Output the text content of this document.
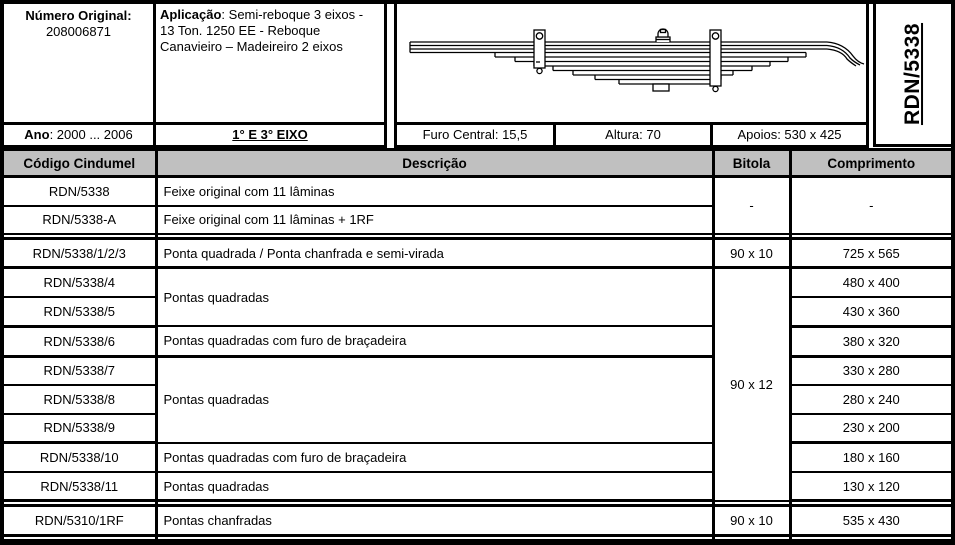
Número Original:
208006871
Aplicação: Semi-reboque 3 eixos - 13 Ton. 1250 EE - Reboque Canavieiro – Madeireiro 2 eixos
Ano: 2000 ... 2006	1° E 3° EIXO	Furo Central: 15,5	Altura: 70	Apoios: 530 x 425
RDN/5338
Código Cindumel	Descrição	Bitola	Comprimento
RDN/5338	Feixe original com 11 lâminas	-	-
RDN/5338-A	Feixe original com 11 lâminas + 1RF		

RDN/5338/1/2/3	Ponta quadrada / Ponta chanfrada e semi-virada	90 x 10	725 x 565
RDN/5338/4	Pontas quadradas	90 x 12	480 x 400
RDN/5338/5			430 x 360
RDN/5338/6	Pontas quadradas com furo de braçadeira		380 x 320
RDN/5338/7	Pontas quadradas		330 x 280
RDN/5338/8			280 x 240
RDN/5338/9			230 x 200
RDN/5338/10	Pontas quadradas com furo de braçadeira		180 x 160
RDN/5338/11	Pontas quadradas		130 x 120

RDN/5310/1RF	Pontas chanfradas	90 x 10	535 x 430
